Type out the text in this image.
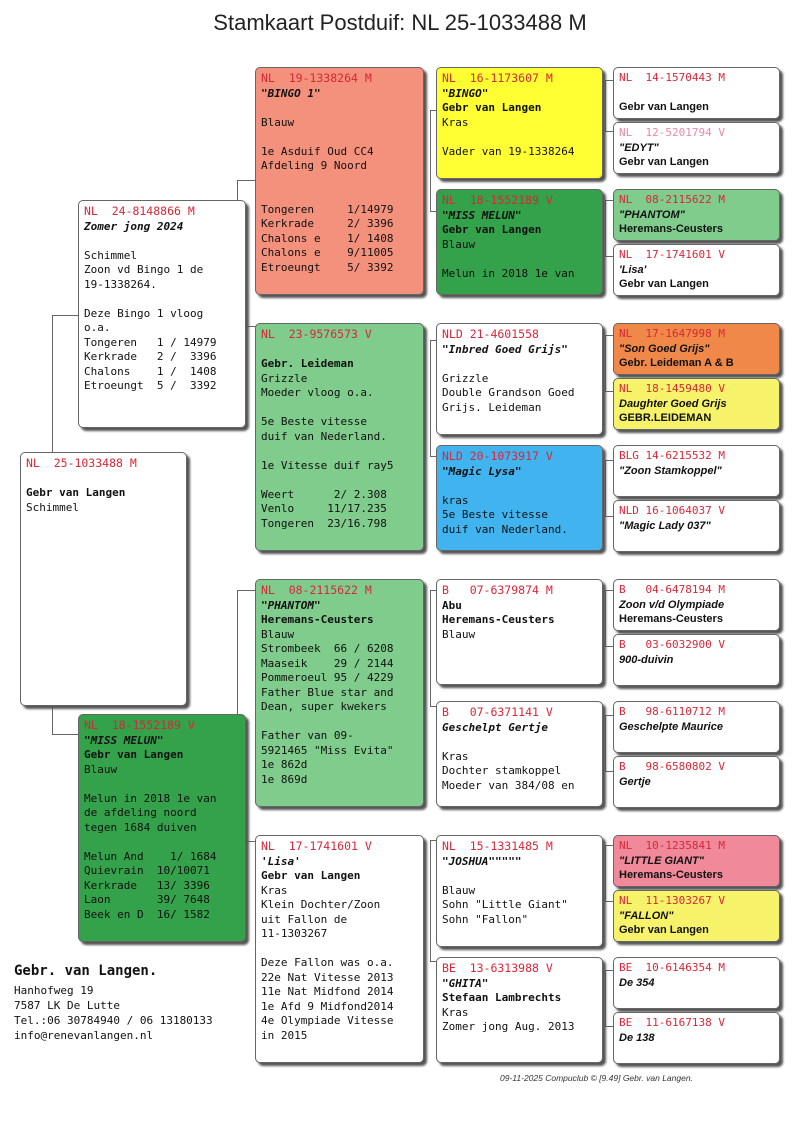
Stamkaart Postduif: NL 25-1033488 M
NL  25-1033488 M
Gebr van Langen
Schimmel
NL  24-8148866 M
Zomer jong 2024
Schimmel
Zoon vd Bingo 1 de
19-1338264.
Deze Bingo 1 vloog
o.a.
Tongeren   1 / 14979
Kerkrade   2 /  3396
Chalons    1 /  1408
Etroeungt  5 /  3392
NL  18-1552189 V
"MISS MELUN"
Gebr van Langen
Blauw
Melun in 2018 1e van
de afdeling noord
tegen 1684 duiven
Melun And    1/ 1684
Quievrain  10/10071
Kerkrade   13/ 3396
Laon       39/ 7648
Beek en D  16/ 1582
NL  19-1338264 M
"BINGO 1"
Blauw
1e Asduif Oud CC4
Afdeling 9 Noord
Tongeren     1/14979
Kerkrade     2/ 3396
Chalons e    1/ 1408
Chalons e    9/11005
Etroeungt    5/ 3392
NL  23-9576573 V
Gebr. Leideman
Grizzle
Moeder vloog o.a.
5e Beste vitesse
duif van Nederland.
1e Vitesse duif ray5
Weert      2/ 2.308
Venlo     11/17.235
Tongeren  23/16.798
NL  08-2115622 M
"PHANTOM"
Heremans-Ceusters
Blauw
Strombeek  66 / 6208
Maaseik    29 / 2144
Pommeroeul 95 / 4229
Father Blue star and
Dean, super kwekers
Father van 09-
5921465 "Miss Evita"
1e 862d
1e 869d
NL  17-1741601 V
'Lisa'
Gebr van Langen
Kras
Klein Dochter/Zoon
uit Fallon de
11-1303267
Deze Fallon was o.a.
22e Nat Vitesse 2013
11e Nat Midfond 2014
1e Afd 9 Midfond2014
4e Olympiade Vitesse
in 2015
NL  16-1173607 M
"BINGO"
Gebr van Langen
Kras
Vader van 19-1338264
NL  18-1552189 V
"MISS MELUN"
Gebr van Langen
Blauw
Melun in 2018 1e van
NLD 21-4601558
"Inbred Goed Grijs"
Grizzle
Double Grandson Goed
Grijs. Leideman
NLD 20-1073917 V
"Magic Lysa"
kras
5e Beste vitesse
duif van Nederland.
B   07-6379874 M
Abu
Heremans-Ceusters
Blauw
B   07-6371141 V
Geschelpt Gertje
Kras
Dochter stamkoppel
Moeder van 384/08 en
NL  15-1331485 M
"JOSHUA"""""
Blauw
Sohn "Little Giant"
Sohn "Fallon"
BE  13-6313988 V
"GHITA"
Stefaan Lambrechts
Kras
Zomer jong Aug. 2013
NL  14-1570443 M
Gebr van Langen
NL  12-5201794 V
"EDYT"
Gebr van Langen
NL  08-2115622 M
"PHANTOM"
Heremans-Ceusters
NL  17-1741601 V
'Lisa'
Gebr van Langen
NL  17-1647998 M
"Son Goed Grijs"
Gebr. Leideman A & B
NL  18-1459480 V
Daughter Goed Grijs
GEBR.LEIDEMAN
BLG 14-6215532 M
"Zoon Stamkoppel"
NLD 16-1064037 V
"Magic Lady 037"
B   04-6478194 M
Zoon v/d Olympiade
Heremans-Ceusters
B   03-6032900 V
900-duivin
B   98-6110712 M
Geschelpte Maurice
B   98-6580802 V
Gertje
NL  10-1235841 M
"LITTLE GIANT"
Heremans-Ceusters
NL  11-1303267 V
"FALLON"
Gebr van Langen
BE  10-6146354 M
De 354
BE  11-6167138 V
De 138
Gebr. van Langen.
Hanhofweg 19
7587 LK De Lutte
Tel.:06 30784940 / 06 13180133
info@renevanlangen.nl
09-11-2025 Compuclub © [9.49] Gebr. van Langen.
